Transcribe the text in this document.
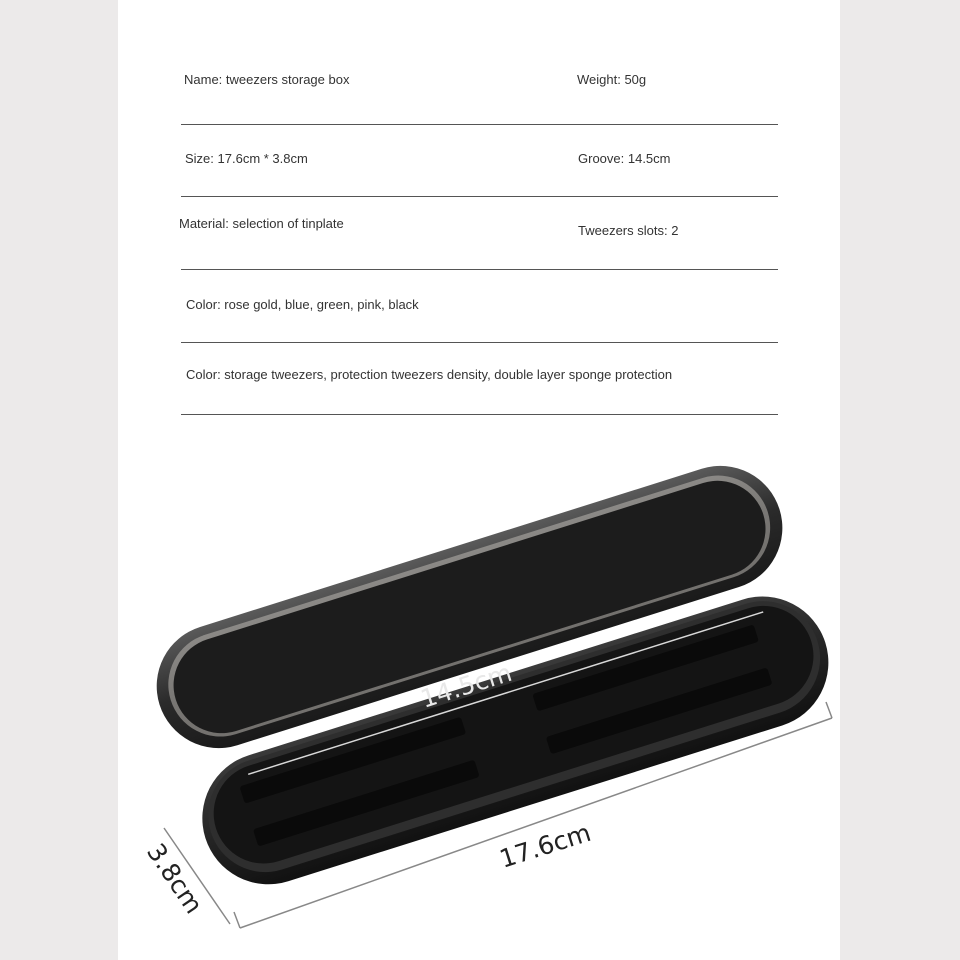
Name: tweezers storage box	Weight: 50g
Size: 17.6cm * 3.8cm	Groove: 14.5cm
Material: selection of tinplate	Tweezers slots: 2
Color: rose gold, blue, green, pink, black
Color: storage tweezers, protection tweezers density, double layer sponge protection
14.5cm
17.6cm
3.8cm
